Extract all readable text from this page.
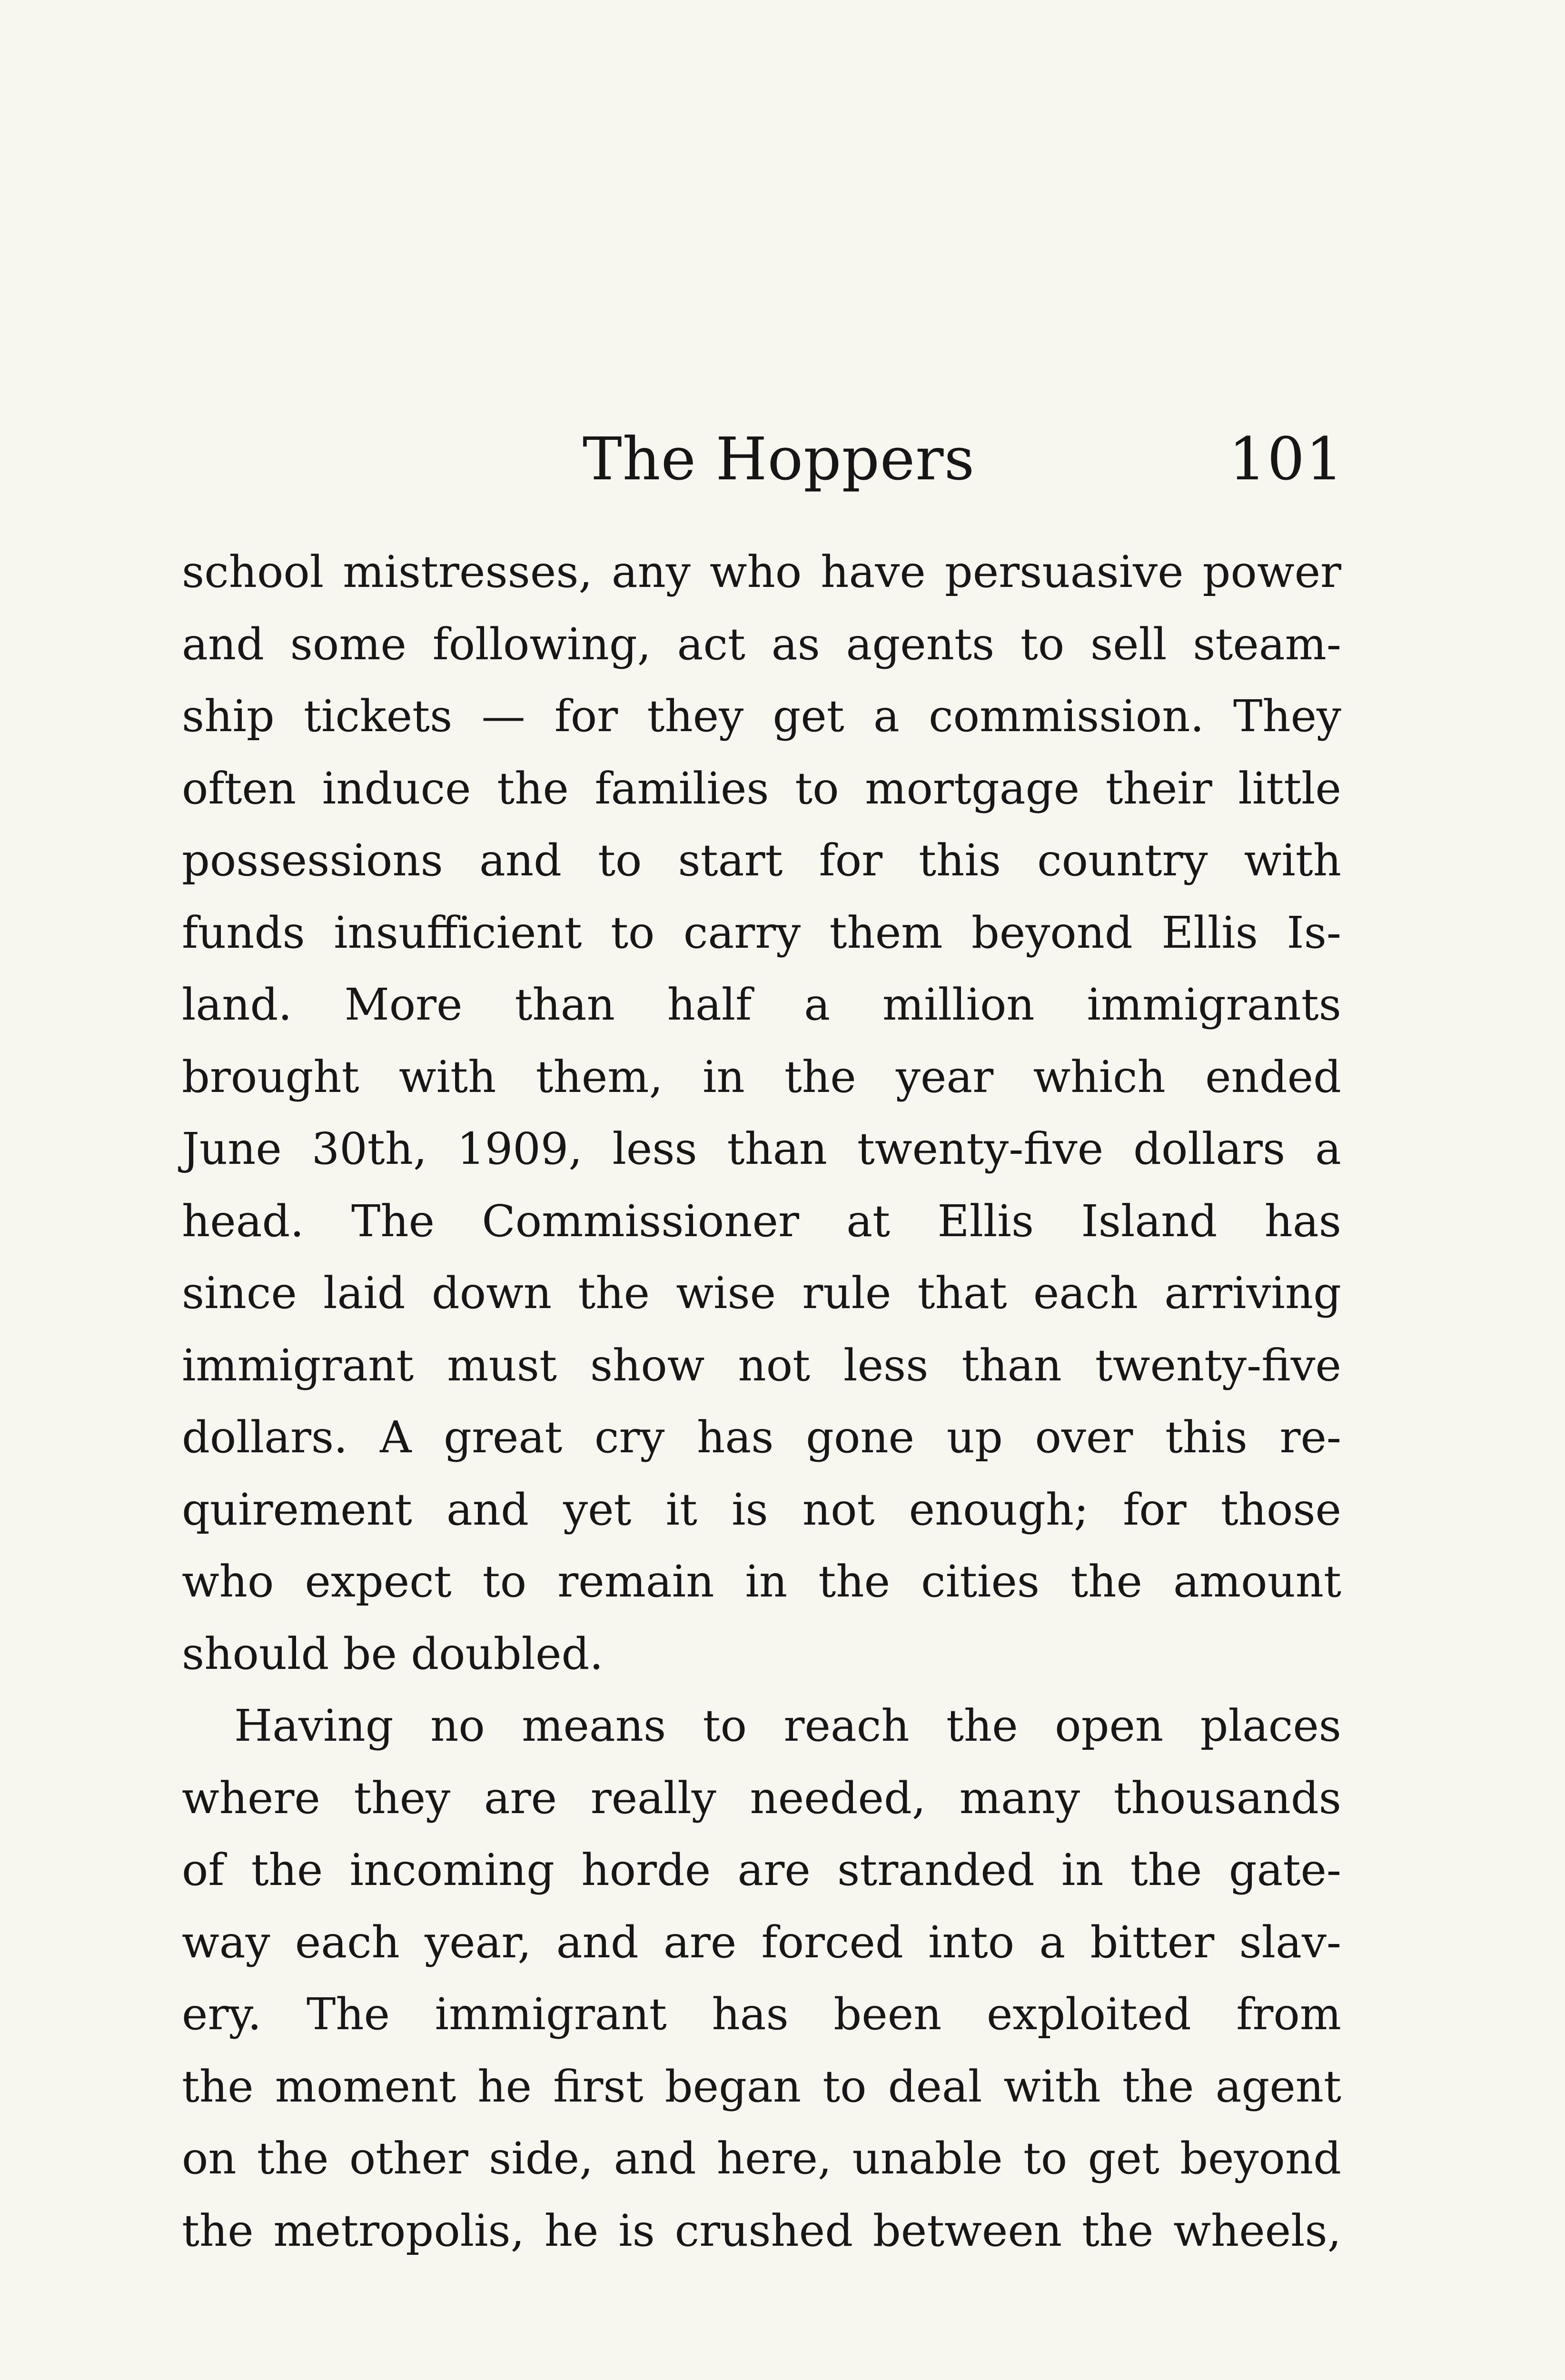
The Hoppers	101
school mistresses, any who have persuasive power
and some following, act as agents to sell steam-
ship tickets — for they get a commission. They
often induce the families to mortgage their little
possessions and to start for this country with
funds insufficient to carry them beyond Ellis Is-
land. More than half a million immigrants
brought with them, in the year which ended
June 30th, 1909, less than twenty-five dollars a
head. The Commissioner at Ellis Island has
since laid down the wise rule that each arriving
immigrant must show not less than twenty-five
dollars. A great cry has gone up over this re-
quirement and yet it is not enough; for those
who expect to remain in the cities the amount
should be doubled.
Having no means to reach the open places
where they are really needed, many thousands
of the incoming horde are stranded in the gate-
way each year, and are forced into a bitter slav-
ery. The immigrant has been exploited from
the moment he first began to deal with the agent
on the other side, and here, unable to get beyond
the metropolis, he is crushed between the wheels,
